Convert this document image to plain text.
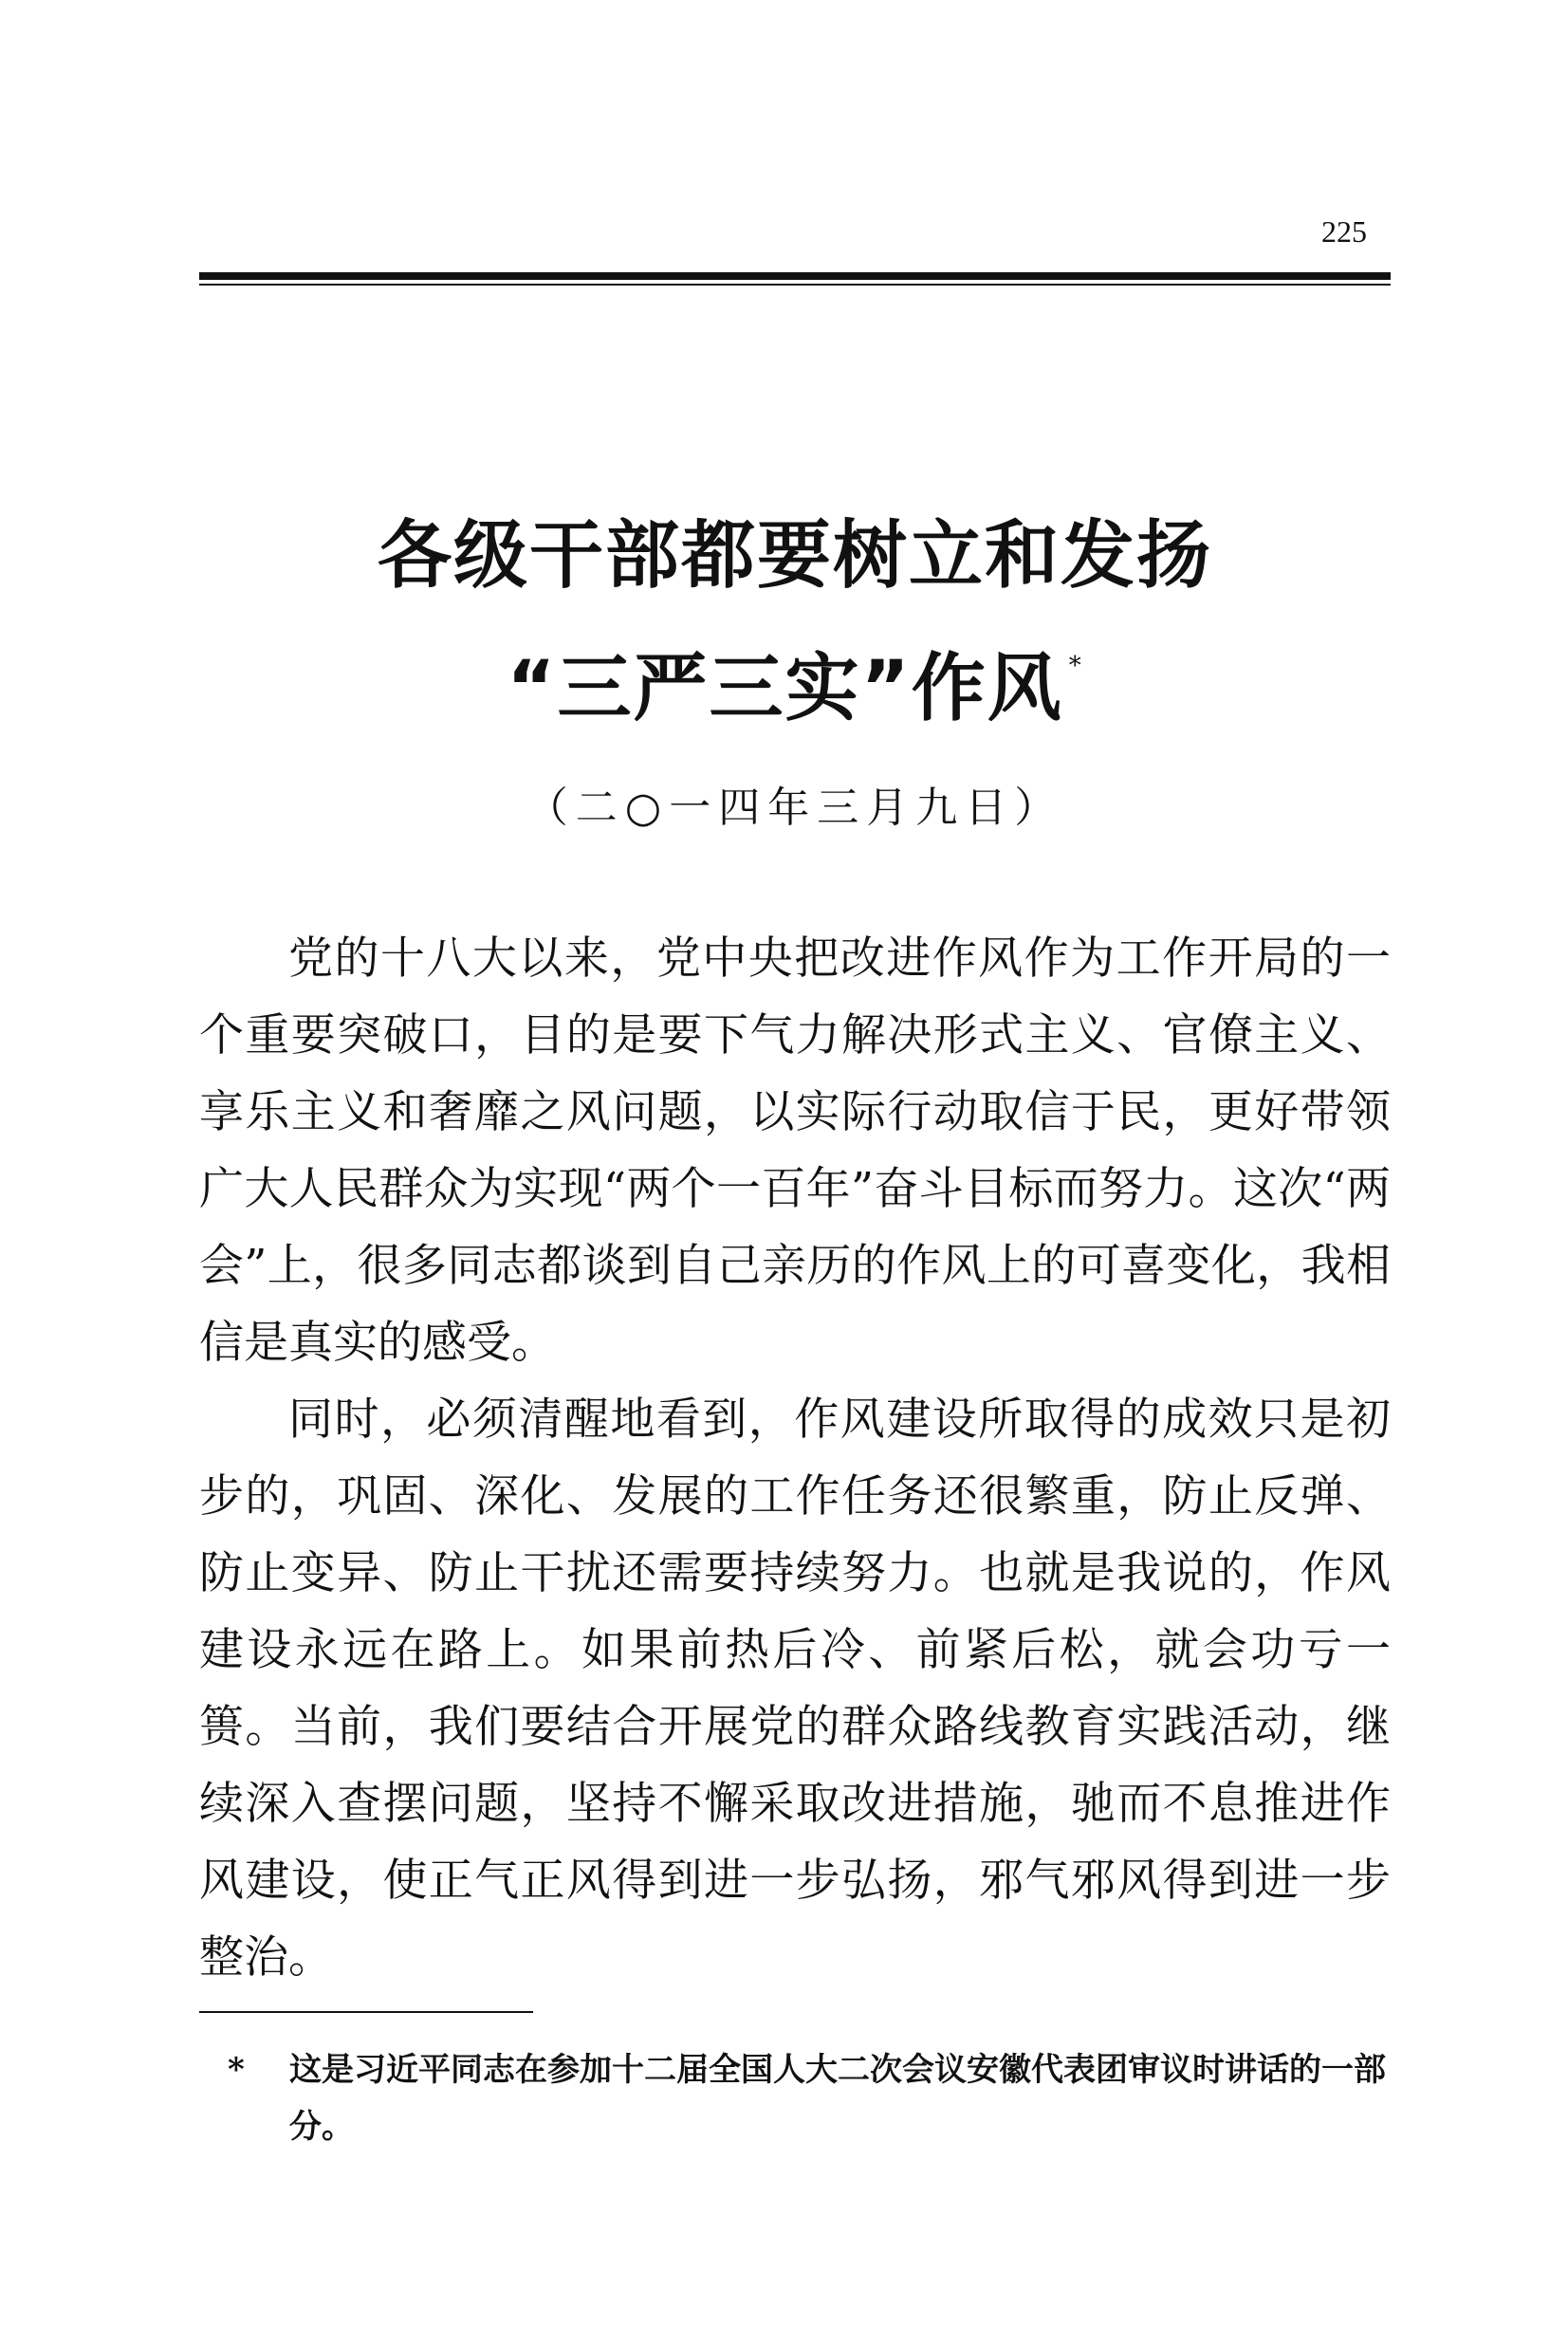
225
各级干部都要树立和发扬
“三严三实”作风 *
（二○一四年三月九日）

党的十八大以来，党中央把改进作风作为工作开局的一个重要突破口，目的是要下气力解决形式主义、官僚主义、享乐主义和奢靡之风问题，以实际行动取信于民，更好带领广大人民群众为实现“两个一百年”奋斗目标而努力。这次“两会”上，很多同志都谈到自己亲历的作风上的可喜变化，我相信是真实的感受。

同时，必须清醒地看到，作风建设所取得的成效只是初步的，巩固、深化、发展的工作任务还很繁重，防止反弹、防止变异、防止干扰还需要持续努力。也就是我说的，作风建设永远在路上。如果前热后冷、前紧后松，就会功亏一篑。当前，我们要结合开展党的群众路线教育实践活动，继续深入查摆问题，坚持不懈采取改进措施，驰而不息推进作风建设，使正气正风得到进一步弘扬，邪气邪风得到进一步整治。

* 这是习近平同志在参加十二届全国人大二次会议安徽代表团审议时讲话的一部分。
